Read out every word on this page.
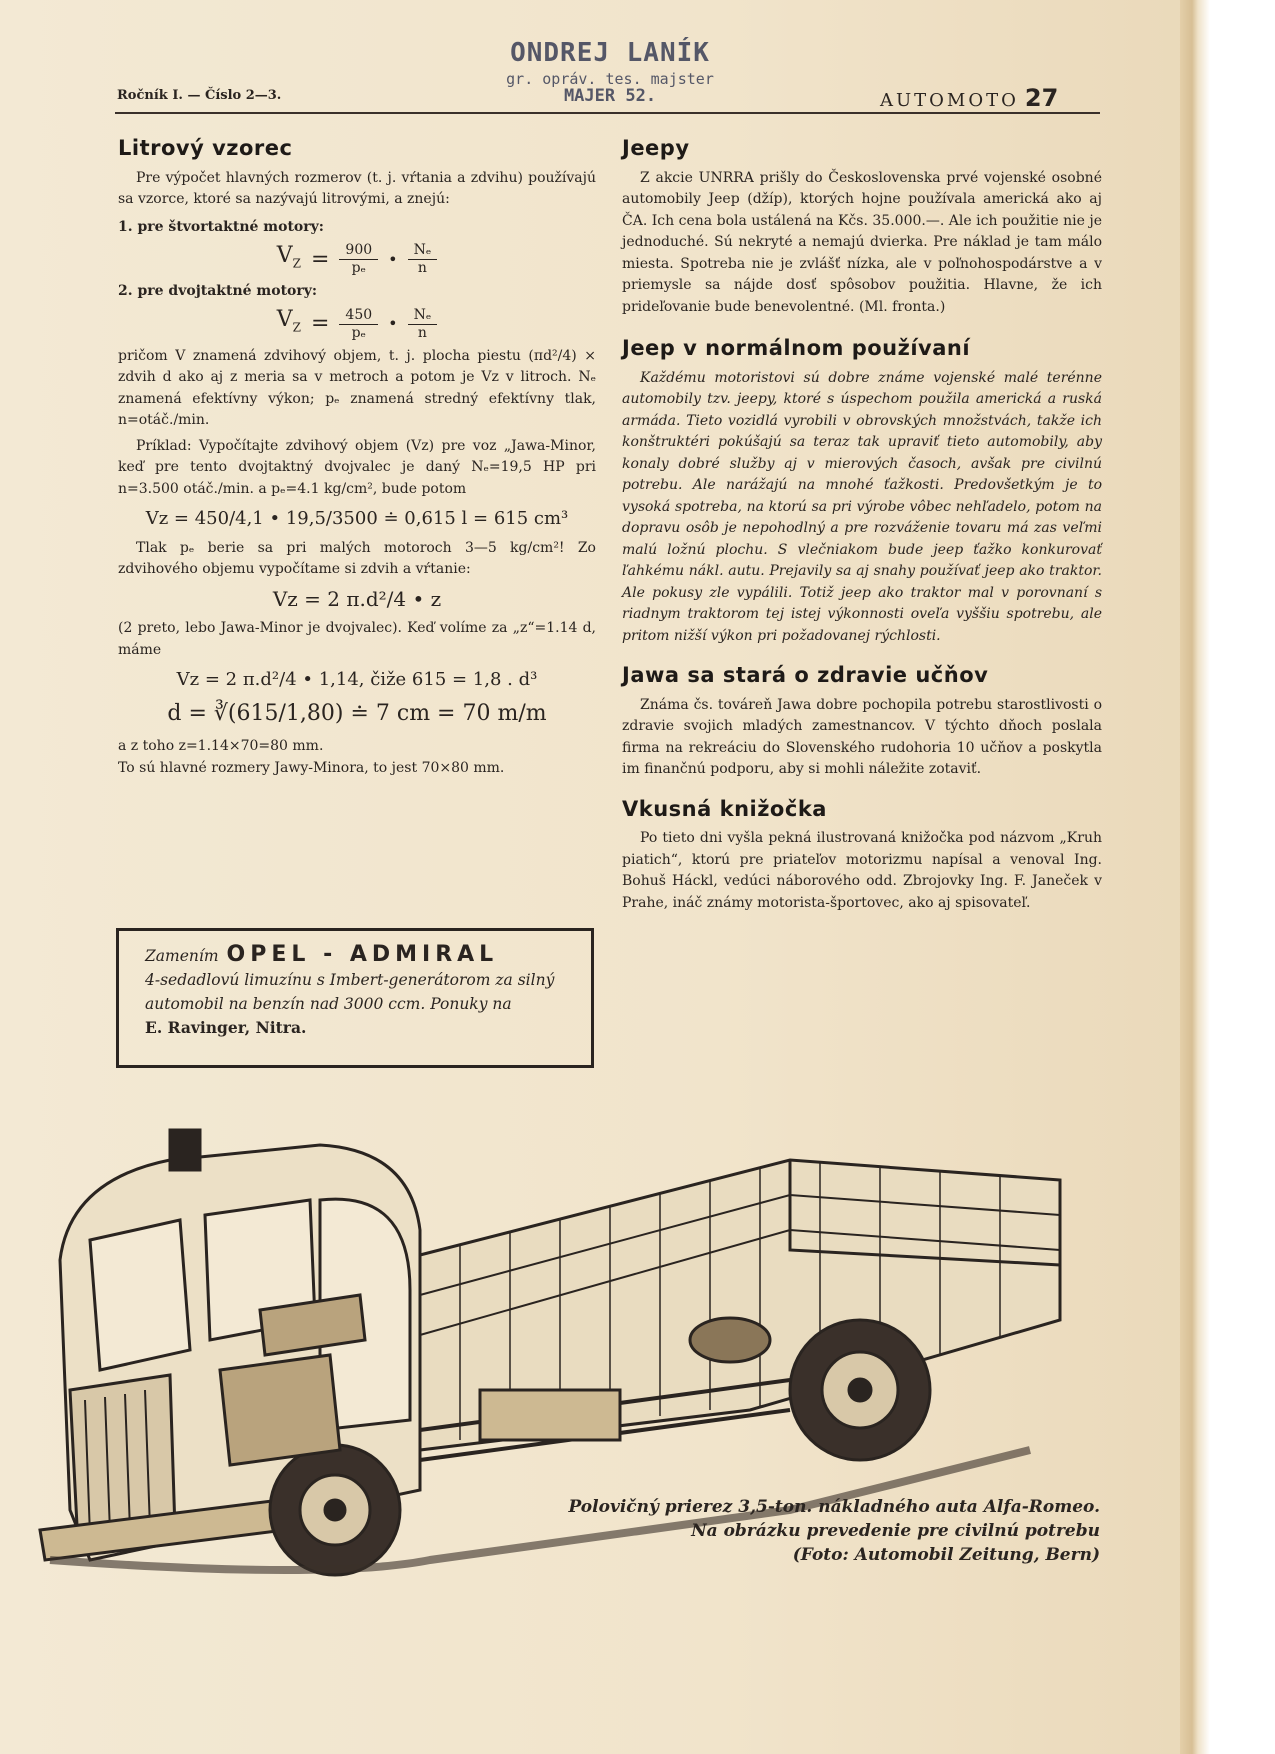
ONDREJ LANÍK
gr. opráv. tes. majster
MAJER 52.
Ročník I. — Číslo 2—3.	AUTOMOTO 27
Litrový vzorec

Pre výpočet hlavných rozmerov (t. j. vŕtania a zdvihu) používajú sa vzorce, ktoré sa nazývajú litrovými, a znejú:

1. pre štvortaktné motory:

$V_Z = \frac{900}{\text{pₑ}}$ • $\frac{\text{Nₑ}}{n}$

2. pre dvojtaktné motory:

$V_Z = \frac{450}{\text{pₑ}}$ • $\frac{\text{Nₑ}}{n}$

pričom V znamená zdvihový objem, t. j. plocha piestu (πd²/4) × zdvih d ako aj z meria sa v metroch a potom je Vz v litroch. Nₑ znamená efektívny výkon; pₑ znamená stredný efektívny tlak, n=otáč./min.

Príklad: Vypočítajte zdvihový objem (Vz) pre voz „Jawa-Minor, keď pre tento dvojtaktný dvojvalec je daný Nₑ=19,5 HP pri n=3.500 otáč./min. a pₑ=4.1 kg/cm², bude potom

Vz = 450/4,1 • 19,5/3500 ≐ 0,615 l = 615 cm³

Tlak pₑ berie sa pri malých motoroch 3—5 kg/cm²! Zo zdvihového objemu vypočítame si zdvih a vŕtanie:

Vz = 2 π.d²/4 • z

(2 preto, lebo Jawa-Minor je dvojvalec). Keď volíme za „z“=1.14 d, máme

Vz = 2 π.d²/4 • 1,14, čiže 615 = 1,8 . d³
d = ∛(615/1,80) ≐ 7 cm = 70 m/m

a z toho z=1.14×70=80 mm.

To sú hlavné rozmery Jawy-Minora, to jest 70×80 mm.

Zamením OPEL - ADMIRAL
4-sedadlovú limuzínu s Imbert-generátorom za silný automobil na benzín nad 3000 ccm. Ponuky na
E. Ravinger, Nitra.
Jeepy

Z akcie UNRRA prišly do Československa prvé vojenské osobné automobily Jeep (džíp), ktorých hojne používala americká ako aj ČA. Ich cena bola ustálená na Kčs. 35.000.—. Ale ich použitie nie je jednoduché. Sú nekryté a nemajú dvierka. Pre náklad je tam málo miesta. Spotreba nie je zvlášť nízka, ale v poľnohospodárstve a v priemysle sa nájde dosť spôsobov použitia. Hlavne, že ich prideľovanie bude benevolentné. (Ml. fronta.)

Jeep v normálnom používaní

Každému motoristovi sú dobre známe vojenské malé terénne automobily tzv. jeepy, ktoré s úspechom použila americká a ruská armáda. Tieto vozidlá vyrobili v obrovských množstvách, takže ich konštruktéri pokúšajú sa teraz tak upraviť tieto automobily, aby konaly dobré služby aj v mierových časoch, avšak pre civilnú potrebu. Ale narážajú na mnohé ťažkosti. Predovšetkým je to vysoká spotreba, na ktorú sa pri výrobe vôbec nehľadelo, potom na dopravu osôb je nepohodlný a pre rozváženie tovaru má zas veľmi malú ložnú plochu. S vlečniakom bude jeep ťažko konkurovať ľahkému nákl. autu. Prejavily sa aj snahy používať jeep ako traktor. Ale pokusy zle vypálili. Totiž jeep ako traktor mal v porovnaní s riadnym traktorom tej istej výkonnosti oveľa vyššiu spotrebu, ale pritom nižší výkon pri požadovanej rýchlosti.

Jawa sa stará o zdravie učňov

Známa čs. továreň Jawa dobre pochopila potrebu starostlivosti o zdravie svojich mladých zamestnancov. V týchto dňoch poslala firma na rekreáciu do Slovenského rudohoria 10 učňov a poskytla im finančnú podporu, aby si mohli náležite zotaviť.

Vkusná knižočka

Po tieto dni vyšla pekná ilustrovaná knižočka pod názvom „Kruh piatich“, ktorú pre priateľov motorizmu napísal a venoval Ing. Bohuš Háckl, vedúci náborového odd. Zbrojovky Ing. F. Janeček v Prahe, ináč známy motorista-športovec, ako aj spisovateľ.

Polovičný prierez 3,5-ton. nákladného auta Alfa-Romeo.
Na obrázku prevedenie pre civilnú potrebu
(Foto: Automobil Zeitung, Bern)
